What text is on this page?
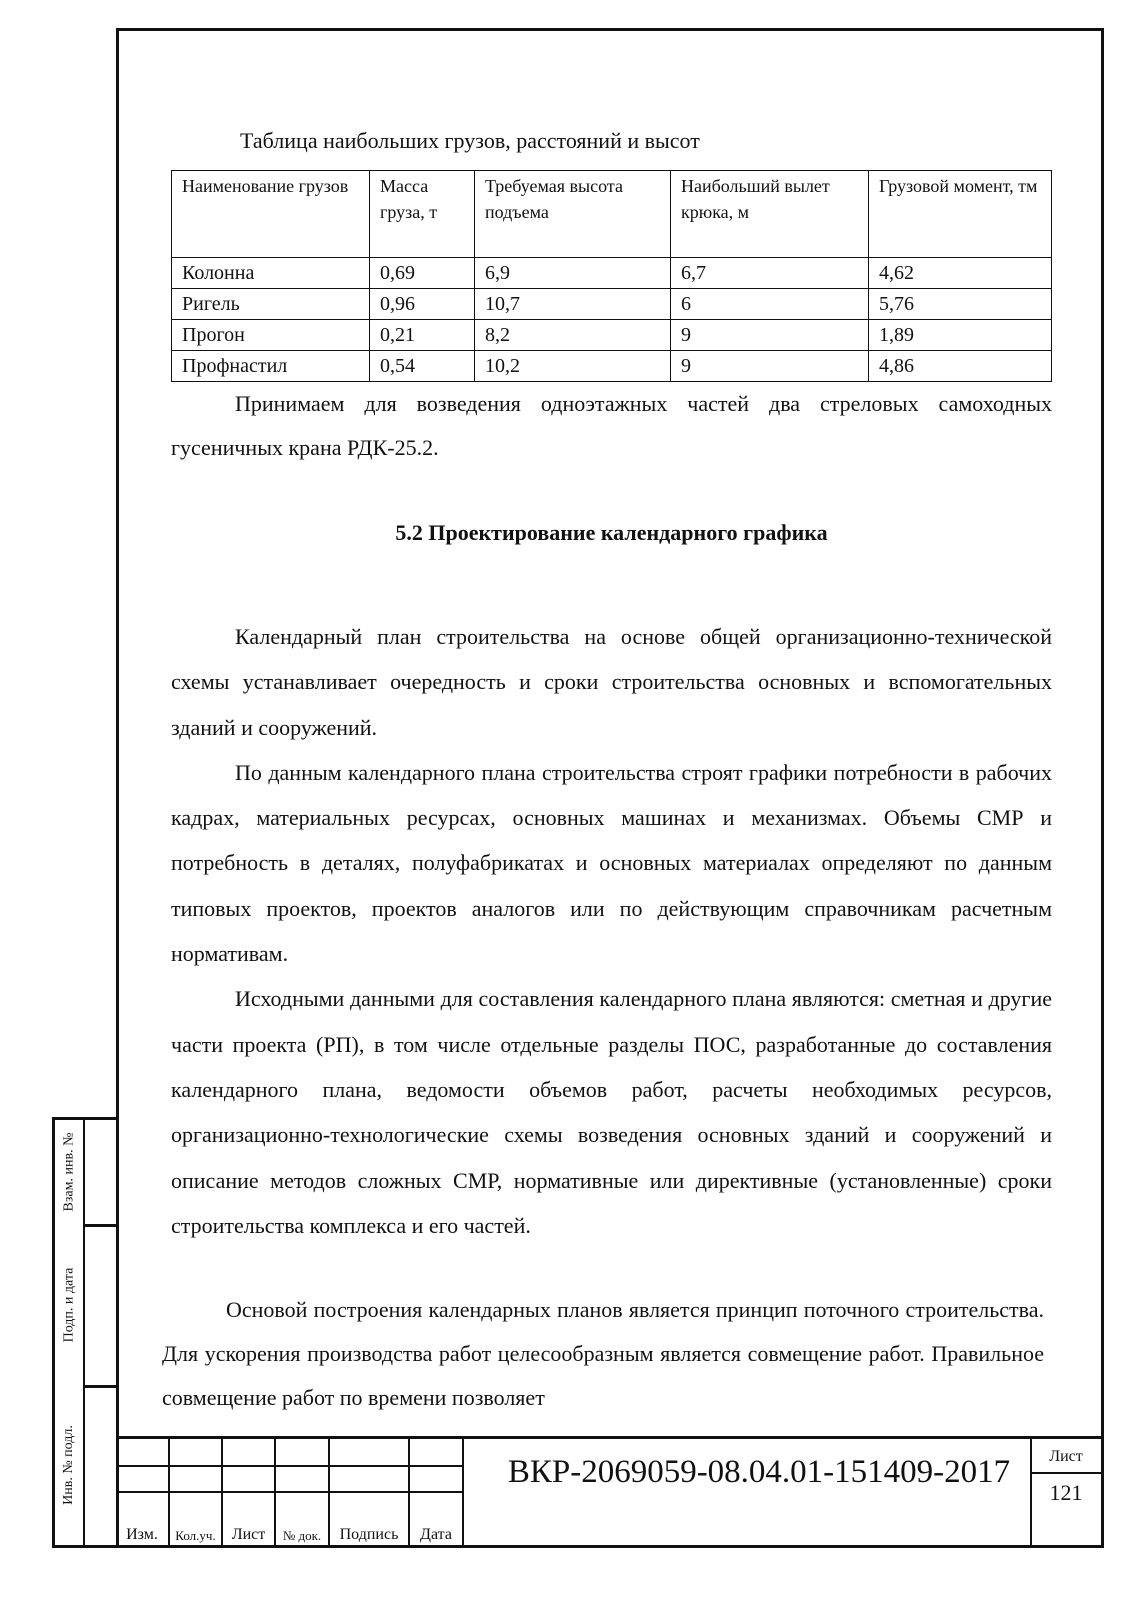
Взам. инв. №
Подп. и дата
Инв. № подл.
Таблица наибольших грузов, расстояний и высот
Наименование грузов	Масса груза, т	Требуемая высота подъема	Наибольший вылет крюка, м	Грузовой момент, тм
Колонна	0,69	6,9	6,7	4,62
Ригель	0,96	10,7	6	5,76
Прогон	0,21	8,2	9	1,89
Профнастил	0,54	10,2	9	4,86
Принимаем для возведения одноэтажных частей два стреловых самоходных гусеничных крана РДК-25.2.
5.2 Проектирование календарного графика

Календарный план строительства на основе общей организационно-технической схемы устанавливает очередность и сроки строительства основных и вспомогательных зданий и сооружений.

По данным календарного плана строительства строят графики потребности в рабочих кадрах, материальных ресурсах, основных машинах и механизмах. Объемы СМР и потребность в деталях, полуфабрикатах и основных материалах определяют по данным типовых проектов, проектов аналогов или по действующим справочникам расчетным нормативам.

Исходными данными для составления календарного плана являются: сметная и другие части проекта (РП), в том числе отдельные разделы ПОС, разработанные до составления календарного плана, ведомости объемов работ, расчеты необходимых ресурсов, организационно-технологические схемы возведения основных зданий и сооружений и описание методов сложных СМР, нормативные или директивные (установленные) сроки строительства комплекса и его частей.

Основой построения календарных планов является принцип поточного строительства. Для ускорения производства работ целесообразным является совмещение работ. Правильное совмещение работ по времени позволяет

Изм.	Кол.уч.	Лист	№ док.	Подпись	Дата
ВКР-2069059-08.04.01-151409-2017	Лист
121
